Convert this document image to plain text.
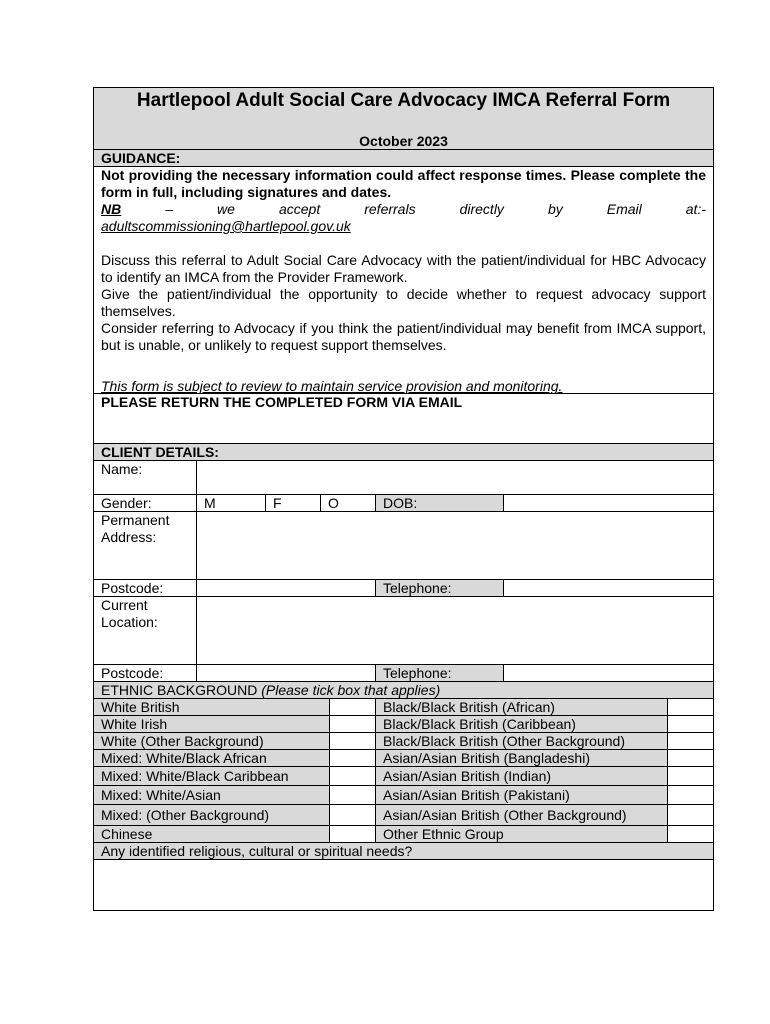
Hartlepool Adult Social Care Advocacy IMCA Referral Form
October 2023
GUIDANCE:

Not providing the necessary information could affect response times. Please complete the form in full, including signatures and dates.

NB	– we accept referrals directly by Email at:-

adultscommissioning@hartlepool.gov.uk

Discuss this referral to Adult Social Care Advocacy with the patient/individual for HBC Advocacy to identify an IMCA from the Provider Framework.

Give the patient/individual the opportunity to decide whether to request advocacy support themselves.

Consider referring to Advocacy if you think the patient/individual may benefit from IMCA support, but is unable, or unlikely to request support themselves.

This form is subject to review to maintain service provision and monitoring.

PLEASE RETURN THE COMPLETED FORM VIA EMAIL
CLIENT DETAILS:
Name:
Gender:	M	F	O	DOB:
Permanent Address:
Postcode:	Telephone:
Current Location:
Postcode:	Telephone:
ETHNIC BACKGROUND (Please tick box that applies)
White British	Black/Black British (African)
White Irish	Black/Black British (Caribbean)
White (Other Background)	Black/Black British (Other Background)
Mixed: White/Black African	Asian/Asian British (Bangladeshi)
Mixed: White/Black Caribbean	Asian/Asian British (Indian)
Mixed: White/Asian	Asian/Asian British (Pakistani)
Mixed: (Other Background)	Asian/Asian British (Other Background)
Chinese	Other Ethnic Group
Any identified religious, cultural or spiritual needs?
